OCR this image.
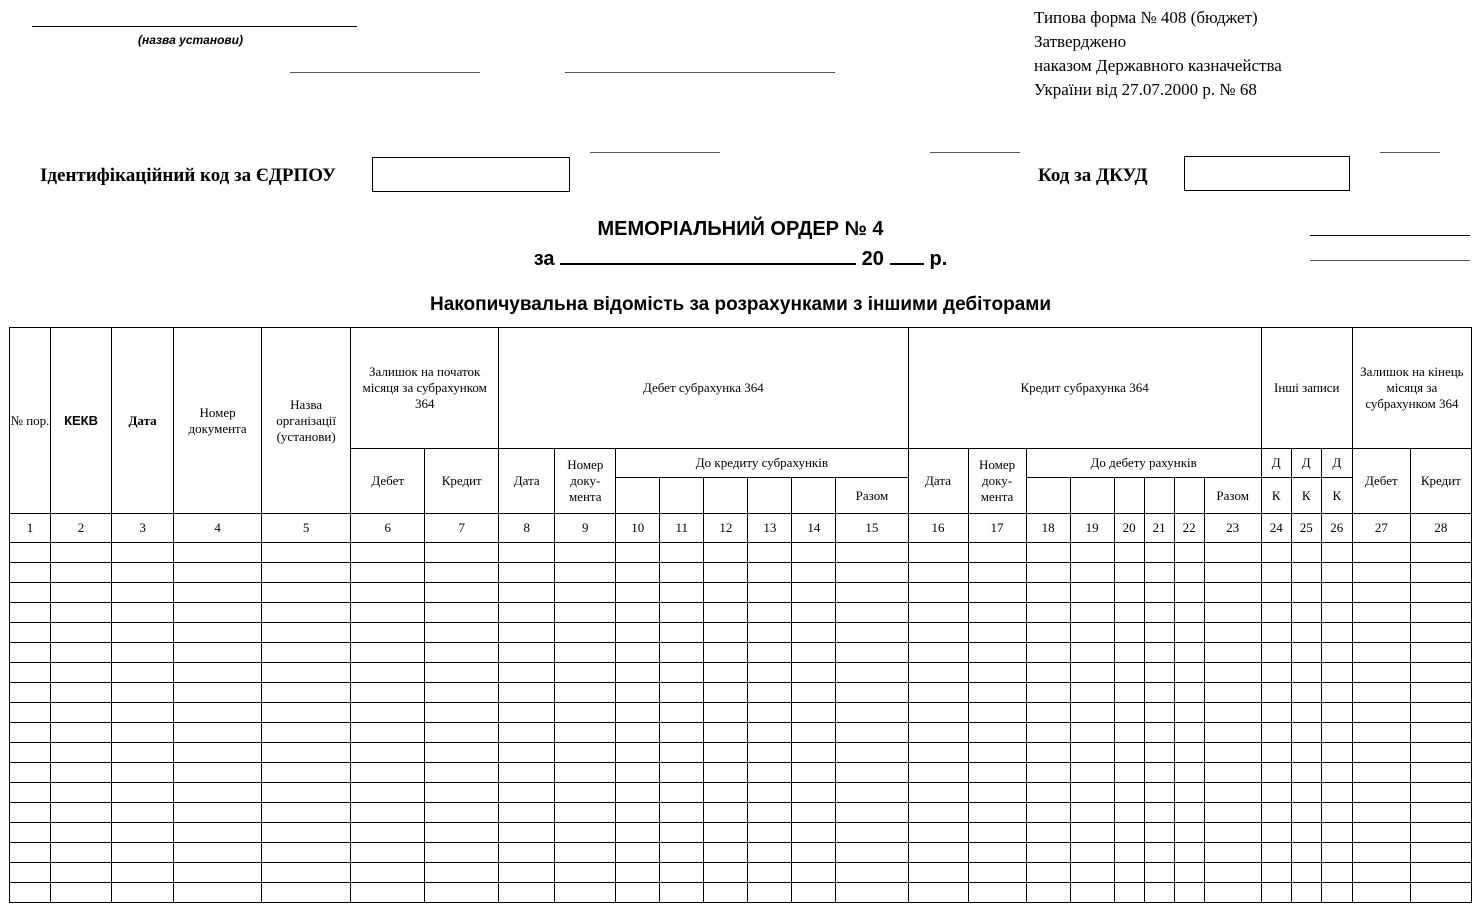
(назва установи)
Типова форма № 408 (бюджет)
Затверджено
наказом Державного казначейства
України від 27.07.2000 р. № 68
Ідентифікаційний код за ЄДРПОУ	Код за ДКУД
МЕМОРІАЛЬНИЙ ОРДЕР № 4
за	20 р.
Накопичувальна відомість за розрахунками з іншими дебіторами
№ пор.	КЕКВ	Дата	Номер документа	Назва організації (установи)	Залишок на початок місяця за субрахунком 364		Дебет субрахунка 364								Кредит субрахунка 364								Інші записи			Залишок на кінець місяця за субрахунком 364	
					Дебет	Кредит	Дата	Номер доку-мента	До кредиту субрахунків						Дата	Номер доку-мента	До дебету рахунків						Д	Д	Д	Дебет	Кредит
														Разом								Разом	К	К	К		
1	2	3	4	5	6	7	8	9	10	11	12	13	14	15	16	17	18	19	20	21	22	23	24	25	26	27	28
